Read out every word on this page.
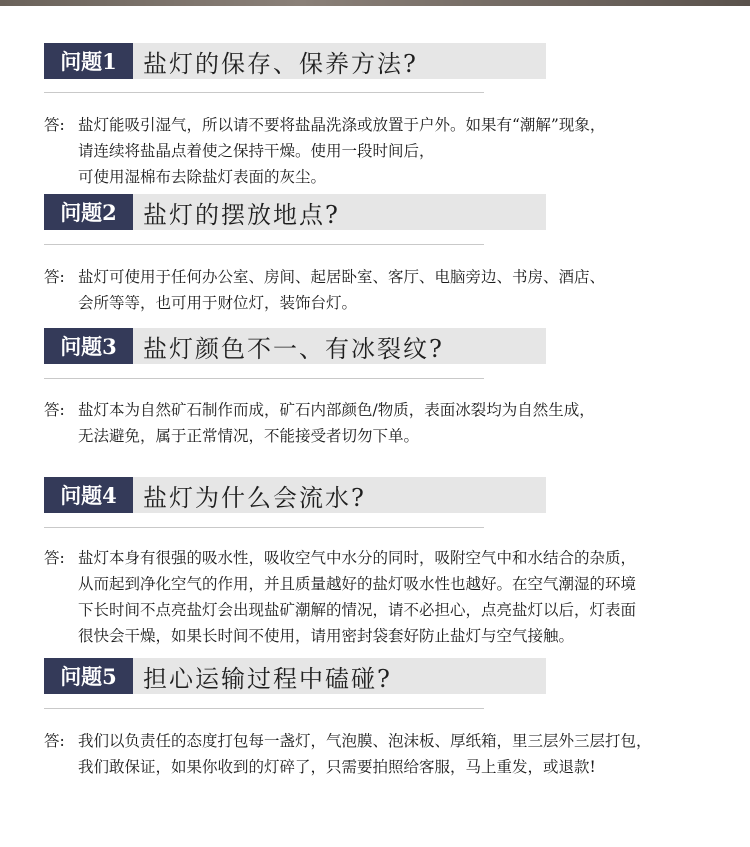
问题1	盐灯的保存、保养方法?
答: 盐灯能吸引湿气，所以请不要将盐晶洗涤或放置于户外。如果有“潮解”现象，
请连续将盐晶点着使之保持干燥。使用一段时间后，
可使用湿棉布去除盐灯表面的灰尘。
问题2	盐灯的摆放地点?
答: 盐灯可使用于任何办公室、房间、起居卧室、客厅、电脑旁边、书房、酒店、
会所等等，也可用于财位灯，装饰台灯。
问题3	盐灯颜色不一、有冰裂纹?
答: 盐灯本为自然矿石制作而成，矿石内部颜色/物质，表面冰裂均为自然生成，
无法避免，属于正常情况，不能接受者切勿下单。
问题4	盐灯为什么会流水?
答: 盐灯本身有很强的吸水性，吸收空气中水分的同时，吸附空气中和水结合的杂质，
从而起到净化空气的作用，并且质量越好的盐灯吸水性也越好。在空气潮湿的环境
下长时间不点亮盐灯会出现盐矿潮解的情况，请不必担心，点亮盐灯以后，灯表面
很快会干燥，如果长时间不使用，请用密封袋套好防止盐灯与空气接触。
问题5	担心运输过程中磕碰?
答: 我们以负责任的态度打包每一盏灯，气泡膜、泡沫板、厚纸箱，里三层外三层打包，
我们敢保证，如果你收到的灯碎了，只需要拍照给客服，马上重发，或退款!
